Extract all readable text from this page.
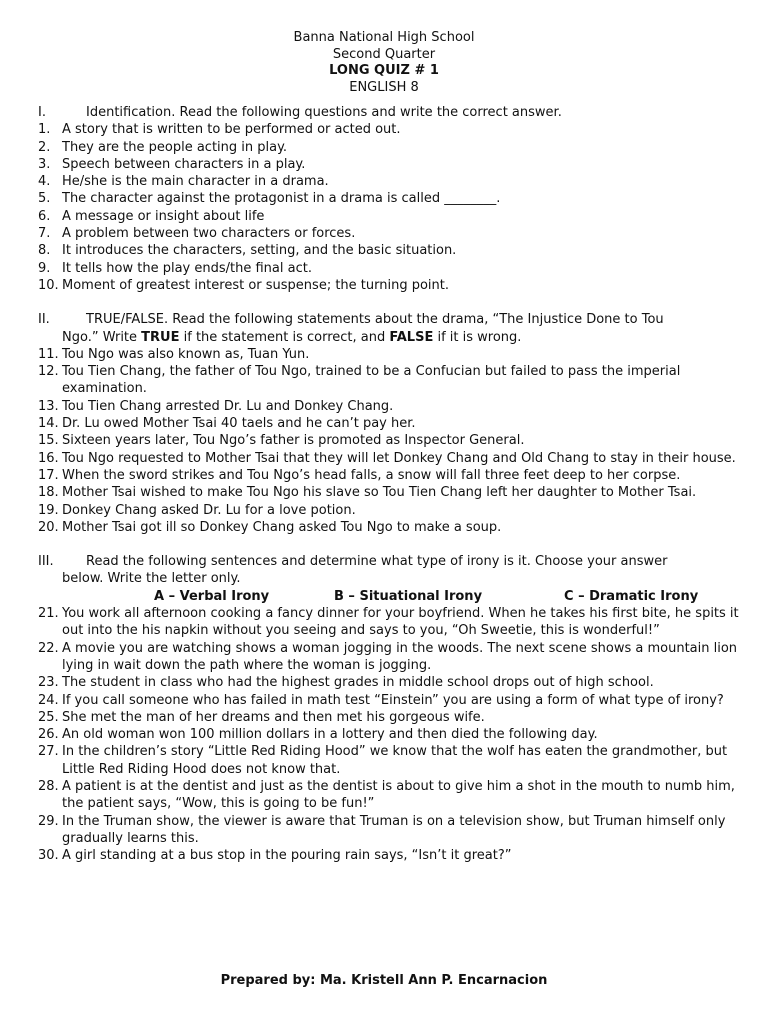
Banna National High School
Second Quarter
LONG QUIZ # 1
ENGLISH 8
I.	Identification. Read the following questions and write the correct answer.
1. A story that is written to be performed or acted out.
2. They are the people acting in play.
3. Speech between characters in a play.
4. He/she is the main character in a drama.
5. The character against the protagonist in a drama is called ________.
6. A message or insight about life
7. A problem between two characters or forces.
8. It introduces the characters, setting, and the basic situation.
9. It tells how the play ends/the final act.
10. Moment of greatest interest or suspense; the turning point.
II.	TRUE/FALSE. Read the following statements about the drama, “The Injustice Done to Tou
Ngo.” Write TRUE if the statement is correct, and FALSE if it is wrong.
11. Tou Ngo was also known as, Tuan Yun.
12. Tou Tien Chang, the father of Tou Ngo, trained to be a Confucian but failed to pass the imperial examination.
13. Tou Tien Chang arrested Dr. Lu and Donkey Chang.
14. Dr. Lu owed Mother Tsai 40 taels and he can’t pay her.
15. Sixteen years later, Tou Ngo’s father is promoted as Inspector General.
16. Tou Ngo requested to Mother Tsai that they will let Donkey Chang and Old Chang to stay in their house.
17. When the sword strikes and Tou Ngo’s head falls, a snow will fall three feet deep to her corpse.
18. Mother Tsai wished to make Tou Ngo his slave so Tou Tien Chang left her daughter to Mother Tsai.
19. Donkey Chang asked Dr. Lu for a love potion.
20. Mother Tsai got ill so Donkey Chang asked Tou Ngo to make a soup.
III.	Read the following sentences and determine what type of irony is it. Choose your answer
below. Write the letter only.
A – Verbal Irony	B – Situational Irony	C – Dramatic Irony
21. You work all afternoon cooking a fancy dinner for your boyfriend. When he takes his first bite, he spits it out into the his napkin without you seeing and says to you, “Oh Sweetie, this is wonderful!”
22. A movie you are watching shows a woman jogging in the woods. The next scene shows a mountain lion lying in wait down the path where the woman is jogging.
23. The student in class who had the highest grades in middle school drops out of high school.
24. If you call someone who has failed in math test “Einstein” you are using a form of what type of irony?
25. She met the man of her dreams and then met his gorgeous wife.
26. An old woman won 100 million dollars in a lottery and then died the following day.
27. In the children’s story “Little Red Riding Hood” we know that the wolf has eaten the grandmother, but Little Red Riding Hood does not know that.
28. A patient is at the dentist and just as the dentist is about to give him a shot in the mouth to numb him, the patient says, “Wow, this is going to be fun!”
29. In the Truman show, the viewer is aware that Truman is on a television show, but Truman himself only gradually learns this.
30. A girl standing at a bus stop in the pouring rain says, “Isn’t it great?”
Prepared by: Ma. Kristell Ann P. Encarnacion
